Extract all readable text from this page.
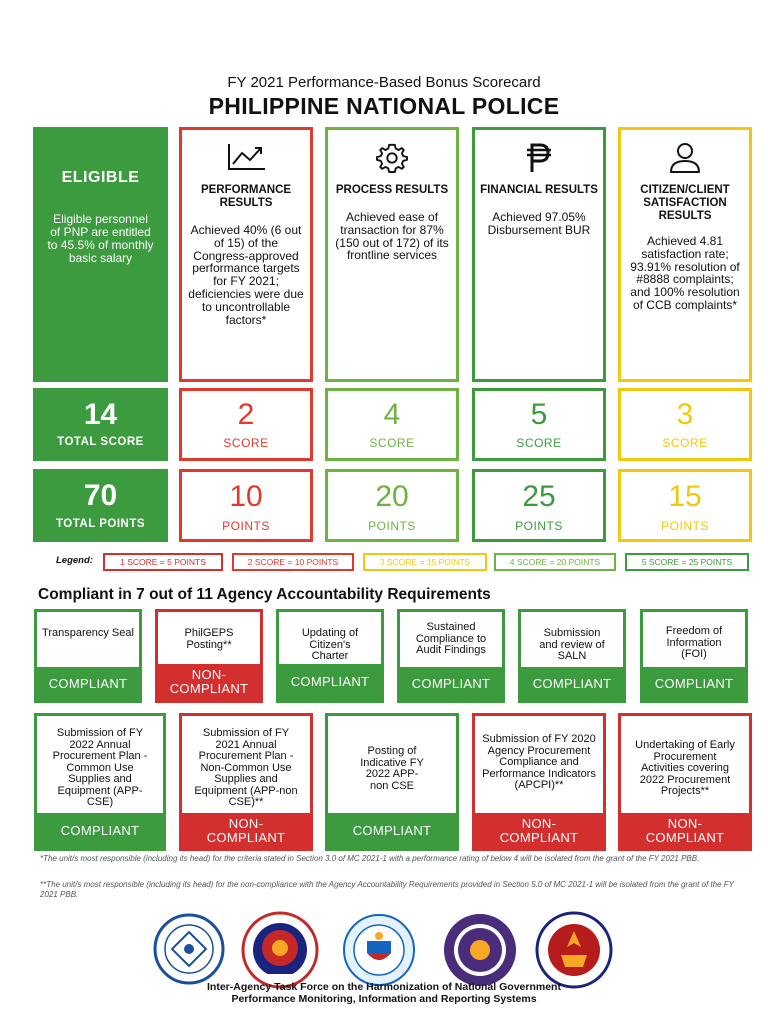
FY 2021 Performance-Based Bonus Scorecard
PHILIPPINE NATIONAL POLICE
ELIGIBLE
Eligible personnel of PNP are entitled to 45.5% of monthly basic salary
PERFORMANCE RESULTS
Achieved 40% (6 out of 15) of the Congress-approved performance targets for FY 2021; deficiencies were due to uncontrollable factors*
PROCESS RESULTS
Achieved ease of transaction for 87% (150 out of 172) of its frontline services
FINANCIAL RESULTS
Achieved 97.05% Disbursement BUR
CITIZEN/CLIENT SATISFACTION RESULTS
Achieved 4.81 satisfaction rate; 93.91% resolution of #8888 complaints; and 100% resolution of CCB complaints*
14
TOTAL SCORE
2
SCORE
4
SCORE
5
SCORE
3
SCORE
70
TOTAL POINTS
10
POINTS
20
POINTS
25
POINTS
15
POINTS
Legend:	1 SCORE = 5 POINTS	2 SCORE = 10 POINTS	3 SCORE = 15 POINTS	4 SCORE = 20 POINTS	5 SCORE = 25 POINTS
Compliant in 7 out of 11 Agency Accountability Requirements
Transparency Seal
COMPLIANT
PhilGEPS Posting**
NON-COMPLIANT
Updating of Citizen's Charter
COMPLIANT
Sustained Compliance to Audit Findings
COMPLIANT
Submission and review of SALN
COMPLIANT
Freedom of Information (FOI)
COMPLIANT
Submission of FY 2022 Annual Procurement Plan - Common Use Supplies and Equipment (APP-CSE)
COMPLIANT
Submission of FY 2021 Annual Procurement Plan - Non-Common Use Supplies and Equipment (APP-non CSE)**
NON-COMPLIANT
Posting of Indicative FY 2022 APP-non CSE
COMPLIANT
Submission of FY 2020 Agency Procurement Compliance and Performance Indicators (APCPI)**
NON-COMPLIANT
Undertaking of Early Procurement Activities covering 2022 Procurement Projects**
NON-COMPLIANT
*The unit/s most responsible (including its head) for the criteria stated in Section 3.0 of MC 2021-1 with a performance rating of below 4 will be isolated from the grant of the FY 2021 PBB.
**The unit/s most responsible (including its head) for the non-compliance with the Agency Accountability Requirements provided in Section 5.0 of MC 2021-1 will be isolated from the grant of the FY 2021 PBB.
Inter-Agency Task Force on the Harmonization of National Government
Performance Monitoring, Information and Reporting Systems
